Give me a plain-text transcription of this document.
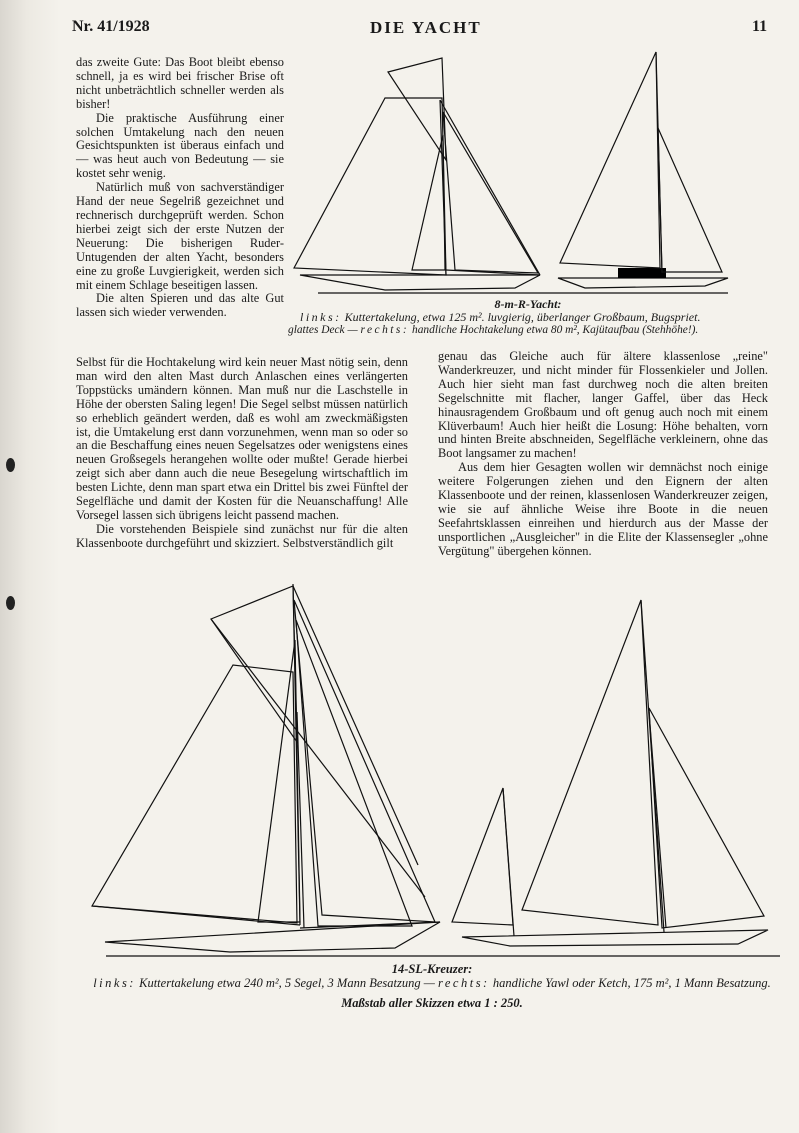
Nr. 41/1928	DIE YACHT	11

das zweite Gute: Das Boot bleibt ebenso schnell, ja es wird bei frischer Brise oft nicht unbeträchtlich schneller werden als bisher!

Die praktische Ausführung einer solchen Umtakelung nach den neuen Gesichtspunkten ist überaus einfach und — was heut auch von Bedeutung — sie kostet sehr wenig.

Natürlich muß von sachverständiger Hand der neue Segelriß gezeichnet und rechnerisch durchgeprüft werden. Schon hierbei zeigt sich der erste Nutzen der Neuerung: Die bisherigen Ruder-Untugenden der alten Yacht, besonders eine zu große Luvgierigkeit, werden sich mit einem Schlage beseitigen lassen.

Die alten Spieren und das alte Gut lassen sich wieder verwenden.

Selbst für die Hochtakelung wird kein neuer Mast nötig sein, denn man wird den alten Mast durch Anlaschen eines verlängerten Toppstücks umändern können. Man muß nur die Laschstelle in Höhe der obersten Saling legen! Die Segel selbst müssen natürlich so erheblich geändert werden, daß es wohl am zweckmäßigsten ist, die Umtakelung erst dann vorzunehmen, wenn man so oder so an die Beschaffung eines neuen Segelsatzes oder wenigstens eines neuen Großsegels herangehen wollte oder mußte! Gerade hierbei zeigt sich aber dann auch die neue Besegelung wirtschaftlich im besten Lichte, denn man spart etwa ein Drittel bis zwei Fünftel der Segelfläche und damit der Kosten für die Neuanschaffung! Alle Vorsegel lassen sich übrigens leicht passend machen.

Die vorstehenden Beispiele sind zunächst nur für die alten Klassenboote durchgeführt und skizziert. Selbstverständlich gilt

genau das Gleiche auch für ältere klassenlose „reine" Wanderkreuzer, und nicht minder für Flossenkieler und Jollen. Auch hier sieht man fast durchweg noch die alten breiten Segelschnitte mit flacher, langer Gaffel, über das Heck hinausragendem Großbaum und oft genug auch noch mit einem Klüverbaum! Auch hier heißt die Losung: Höhe behalten, vorn und hinten Breite abschneiden, Segelfläche verkleinern, ohne das Boot langsamer zu machen!

Aus dem hier Gesagten wollen wir demnächst noch einige weitere Folgerungen ziehen und den Eignern der alten Klassenboote und der reinen, klassenlosen Wanderkreuzer zeigen, wie sie auf ähnliche Weise ihre Boote in die neuen Seefahrtsklassen einreihen und hierdurch aus der Masse der unsportlichen „Ausgleicher" in die Elite der Klassensegler „ohne Vergütung" übergehen können.

8-m-R-Yacht:
links: Kuttertakelung, etwa 125 m². luvgierig, überlanger Großbaum, Bugspriet.
glattes Deck — rechts: handliche Hochtakelung etwa 80 m², Kajütaufbau (Stehhöhe!).
14-SL-Kreuzer:
links: Kuttertakelung etwa 240 m², 5 Segel, 3 Mann Besatzung — rechts: handliche Yawl oder Ketch, 175 m², 1 Mann Besatzung.
Maßstab aller Skizzen etwa 1 : 250.
